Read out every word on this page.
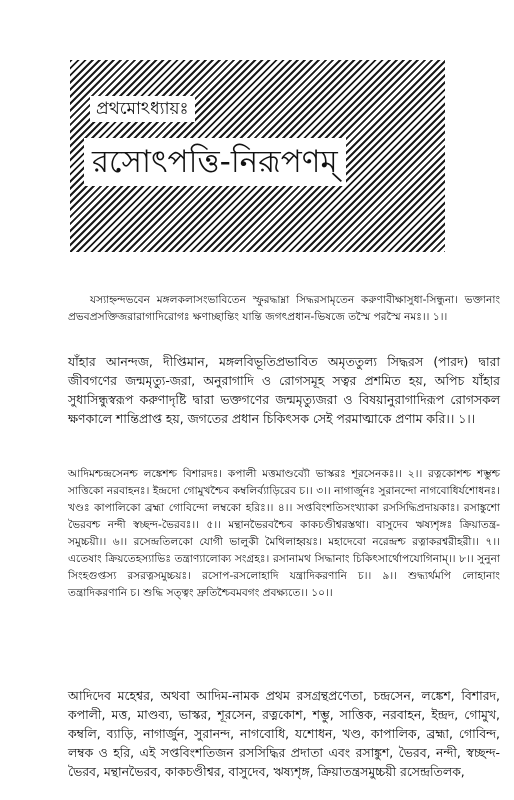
প্রথমোঽধ্যায়ঃ
রসোৎপত্তি-নিরূপণম্

যস্যাহ্নন্দভবেন মঙ্গলকলাসংভাবিতেন স্ফুরদ্ধাম্না সিদ্ধরসামৃতেন করুণাবীক্ষাসুধা-সিন্ধুনা। ভক্তানাং প্রভবপ্রসক্তিজরারাগাদিরোগঃ ক্ষণাচ্ছান্তিং যান্তি জগৎপ্রধান-ভিষজে তস্মৈ পরস্মৈ নমঃ।। ১।।

যাঁহার আনন্দজ, দীপ্তিমান, মঙ্গলবিভূতিপ্রভাবিত অমৃততুল্য সিদ্ধরস (পারদ) দ্বারা জীবগণের জন্মমৃত্যু-জরা, অনুরাগাদি ও রোগসমূহ সত্বর প্রশমিত হয়, অপিচ যাঁহার সুধাসিন্ধুস্বরূপ করুণাদৃষ্টি দ্বারা ভক্তগণের জন্মমৃত্যুজরা ও বিষয়ানুরাগাদিরূপ রোগসকল ক্ষণকালে শান্তিপ্রাপ্ত হয়, জগতের প্রধান চিকিৎসক সেই পরমাত্মাকে প্রণাম করি।। ১।।

আদিমশ্চন্দ্রসেনশ্চ লঙ্কেশশ্চ বিশারদঃ। কপালী মত্তমাণ্ডব্যৌ ভাস্করঃ শূরসেনকঃ।। ২।। রত্নকোশশ্চ শম্ভুশ্চ সাত্তিকো নরবাহনঃ। ইন্দ্রদো গোমুখশ্চৈব কম্বলির্ব্যাড়িরেব চ।। ৩।। নাগার্জুনঃ সুরানন্দো নাগবোধির্যশোধনঃ। খণ্ডঃ কাপালিকো ব্রহ্মা গোবিন্দো লম্বকো হরিঃ।। ৪।। সপ্তবিংশতিসংখ্যাকা রসসিদ্ধিপ্রদায়কাঃ। রসাঙ্কুশো ভৈরবশ্চ নন্দী স্বচ্ছন্দ-ভৈরবঃ।। ৫।। মন্থানভৈরবশ্চৈব কাকচণ্ডীশ্বরস্তথা। বাসুদেব ঋষ্যশৃঙ্গঃ ক্রিয়াতন্ত্র-সমুচ্চয়ী।। ৬।। রসেন্দ্রতিলকো যোগী ভালুকী মৈথিলাহ্বয়ঃ। মহাদেবো নরেন্দ্রশ্চ রত্নাকরশ্বরীহরী।। ৭।। এতেষাং ক্রিয়তেহস্যাভিঃ তন্ত্রাণ্যালোক্য সংগ্রহঃ। রসানামথ সিদ্ধানাং চিকিৎসার্থোপযোগিনাম্।। ৮।। সুনুনা সিংহগুপ্তস্য রসরত্নসমুচ্চয়ঃ। রসোপ-রসলোহাদি যন্ত্রাদিকরণানি চ।। ৯।। শুদ্ধ্যর্থমপি লোহানাং তন্ত্রাদিকরণানি চ। শুদ্ধি সত্ত্বং দ্রুতিশ্চৈবমবগং প্রবক্ষ্যতে।। ১০।।

আদিদেব মহেশ্বর, অথবা আদিম-নামক প্রথম রসগ্রন্থপ্রণেতা, চন্দ্রসেন, লঙ্কেশ, বিশারদ, কপালী, মত্ত, মাণ্ডব্য, ভাস্কর, শূরসেন, রত্নকোশ, শম্ভু, সাত্তিক, নরবাহন, ইন্দ্রদ, গোমুখ, কম্বলি, ব্যাড়ি, নাগার্জুন, সুরানন্দ, নাগবোধি, যশোধন, খণ্ড, কাপালিক, ব্রহ্মা, গোবিন্দ, লম্বক ও হরি, এই সপ্তবিংশতিজন রসসিদ্ধির প্রদাতা এবং রসাঙ্কুশ, ভৈরব, নন্দী, স্বচ্ছন্দ-ভৈরব, মন্থানভৈরব, কাকচণ্ডীশ্বর, বাসুদেব, ঋষ্যশৃঙ্গ, ক্রিয়াতন্ত্রসমুচ্চয়ী রসেন্দ্রতিলক,
